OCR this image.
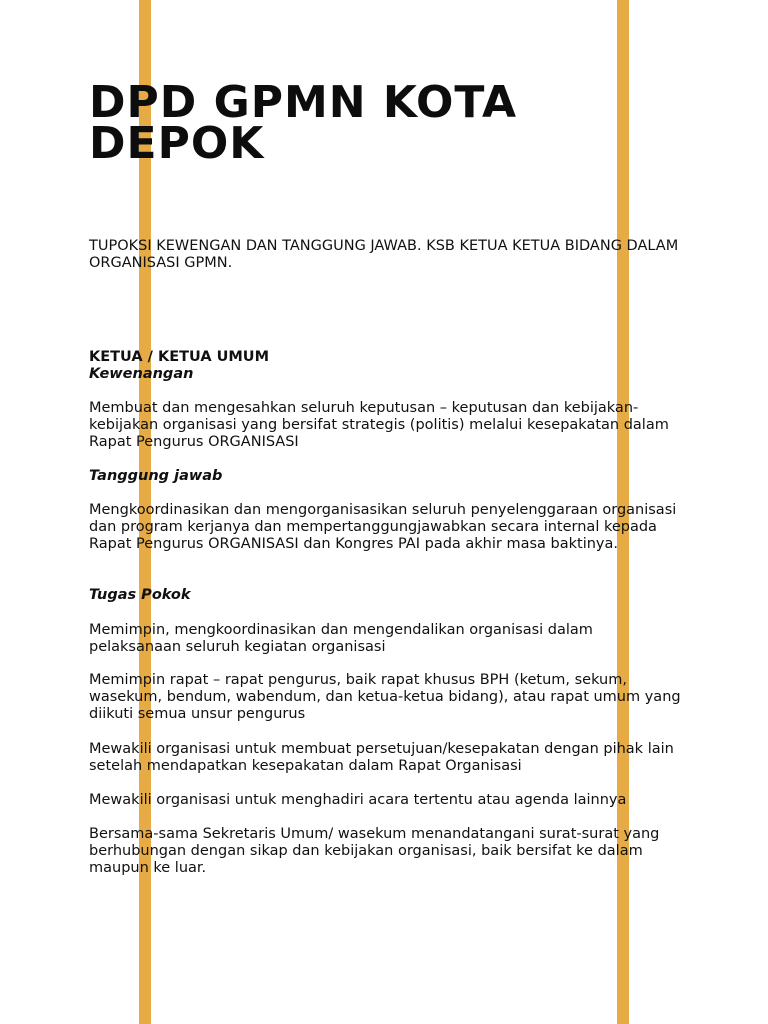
DPD GPMN KOTA
DEPOK

TUPOKSI KEWENGAN DAN TANGGUNG JAWAB. KSB KETUA KETUA BIDANG DALAM ORGANISASI GPMN.

KETUA / KETUA UMUM
Kewenangan

Membuat dan mengesahkan seluruh keputusan – keputusan dan kebijakan-kebijakan organisasi yang bersifat strategis (politis) melalui kesepakatan dalam Rapat Pengurus ORGANISASI

Tanggung jawab

Mengkoordinasikan dan mengorganisasikan seluruh penyelenggaraan organisasi dan program kerjanya dan mempertanggungjawabkan secara internal kepada Rapat Pengurus ORGANISASI dan Kongres PAI pada akhir masa baktinya.

Tugas Pokok

Memimpin, mengkoordinasikan dan mengendalikan organisasi dalam pelaksanaan seluruh kegiatan organisasi

Memimpin rapat – rapat pengurus, baik rapat khusus BPH (ketum, sekum, wasekum, bendum, wabendum, dan ketua-ketua bidang), atau rapat umum yang diikuti semua unsur pengurus

Mewakili organisasi untuk membuat persetujuan/kesepakatan dengan pihak lain setelah mendapatkan kesepakatan dalam Rapat Organisasi

Mewakili organisasi untuk menghadiri acara tertentu atau agenda lainnya

Bersama-sama Sekretaris Umum/ wasekum menandatangani surat-surat yang berhubungan dengan sikap dan kebijakan organisasi, baik bersifat ke dalam maupun ke luar.
